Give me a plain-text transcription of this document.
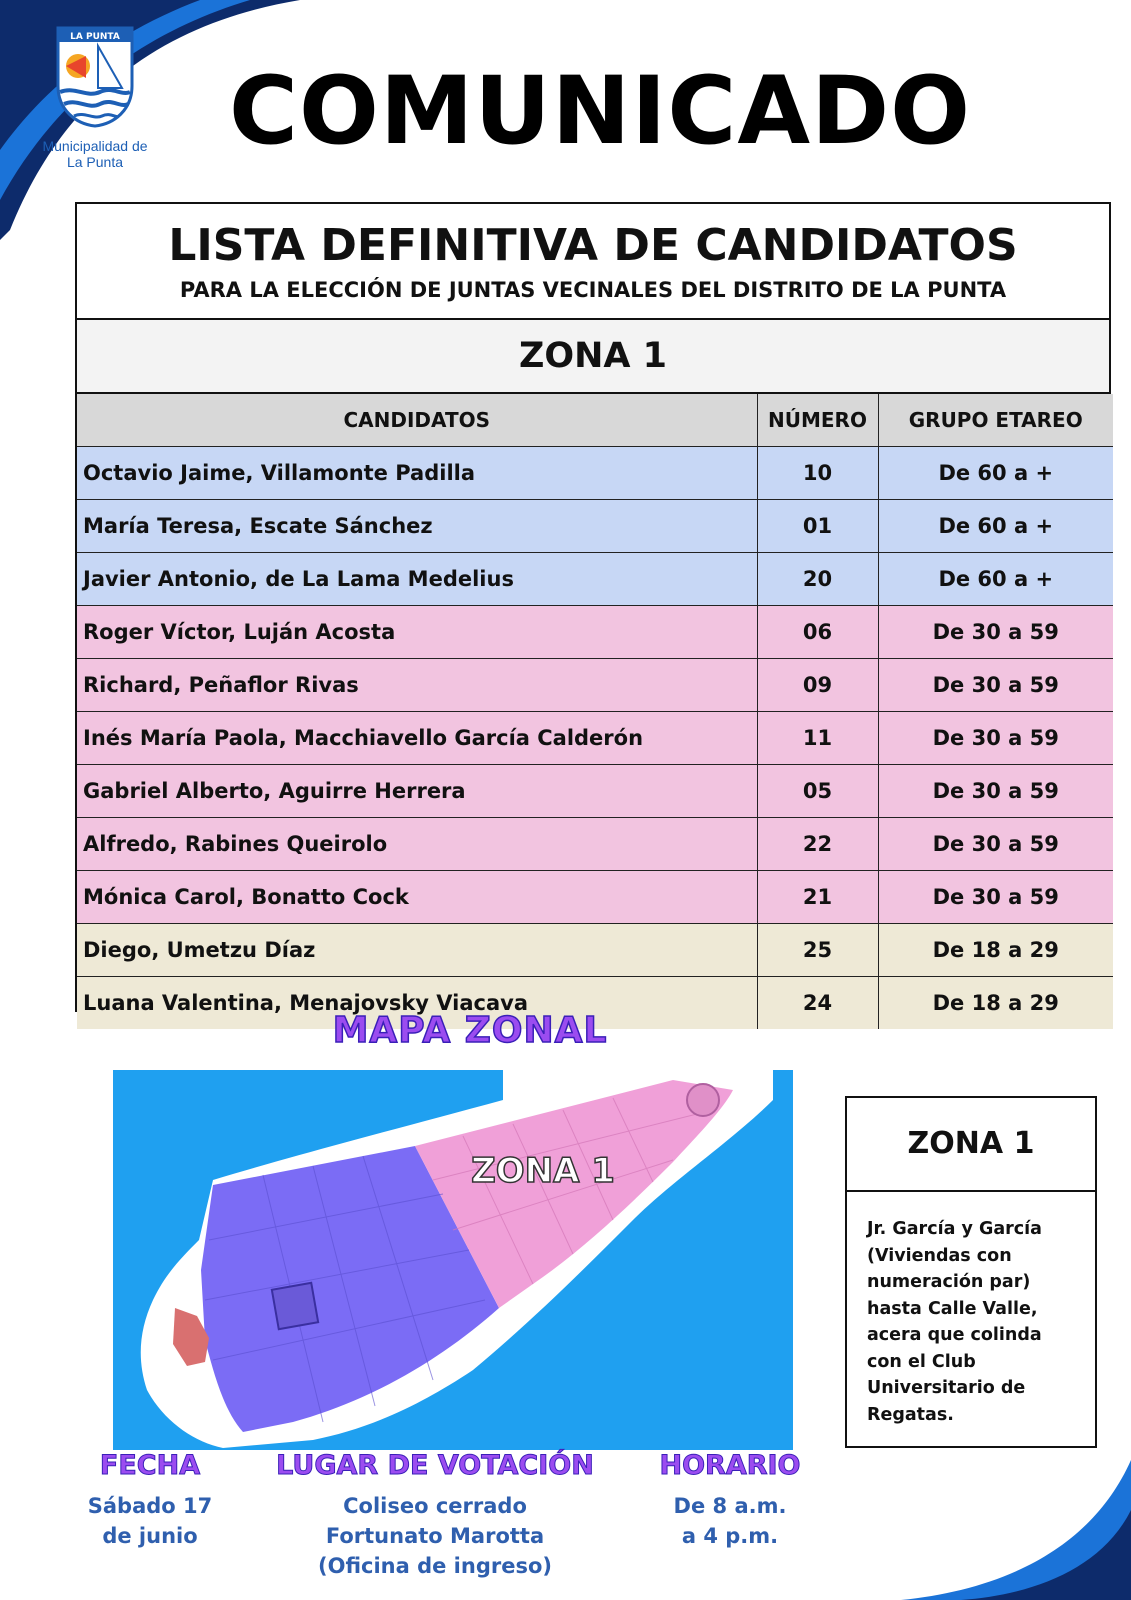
LA PUNTA
Municipalidad de
La Punta	COMUNICADO
LISTA DEFINITIVA DE CANDIDATOS
PARA LA ELECCIÓN DE JUNTAS VECINALES DEL DISTRITO DE LA PUNTA
ZONA 1
CANDIDATOS	NÚMERO	GRUPO ETAREO
Octavio Jaime, Villamonte Padilla	10	De 60 a +
María Teresa, Escate Sánchez	01	De 60 a +
Javier Antonio, de La Lama Medelius	20	De 60 a +
Roger Víctor, Luján Acosta	06	De 30 a 59
Richard, Peñaflor Rivas	09	De 30 a 59
Inés María Paola, Macchiavello García Calderón	11	De 30 a 59
Gabriel Alberto, Aguirre Herrera	05	De 30 a 59
Alfredo, Rabines Queirolo	22	De 30 a 59
Mónica Carol, Bonatto Cock	21	De 30 a 59
Diego, Umetzu Díaz	25	De 18 a 29
Luana Valentina, Menajovsky Viacava	24	De 18 a 29
MAPA ZONAL
ZONA 1
ZONA 1
Jr. García y García (Viviendas con numeración par) hasta Calle Valle, acera que colinda con el Club Universitario de Regatas.
FECHA
Sábado 17
de junio
LUGAR DE VOTACIÓN
Coliseo cerrado
Fortunato Marotta
(Oficina de ingreso)
HORARIO
De 8 a.m.
a 4 p.m.
